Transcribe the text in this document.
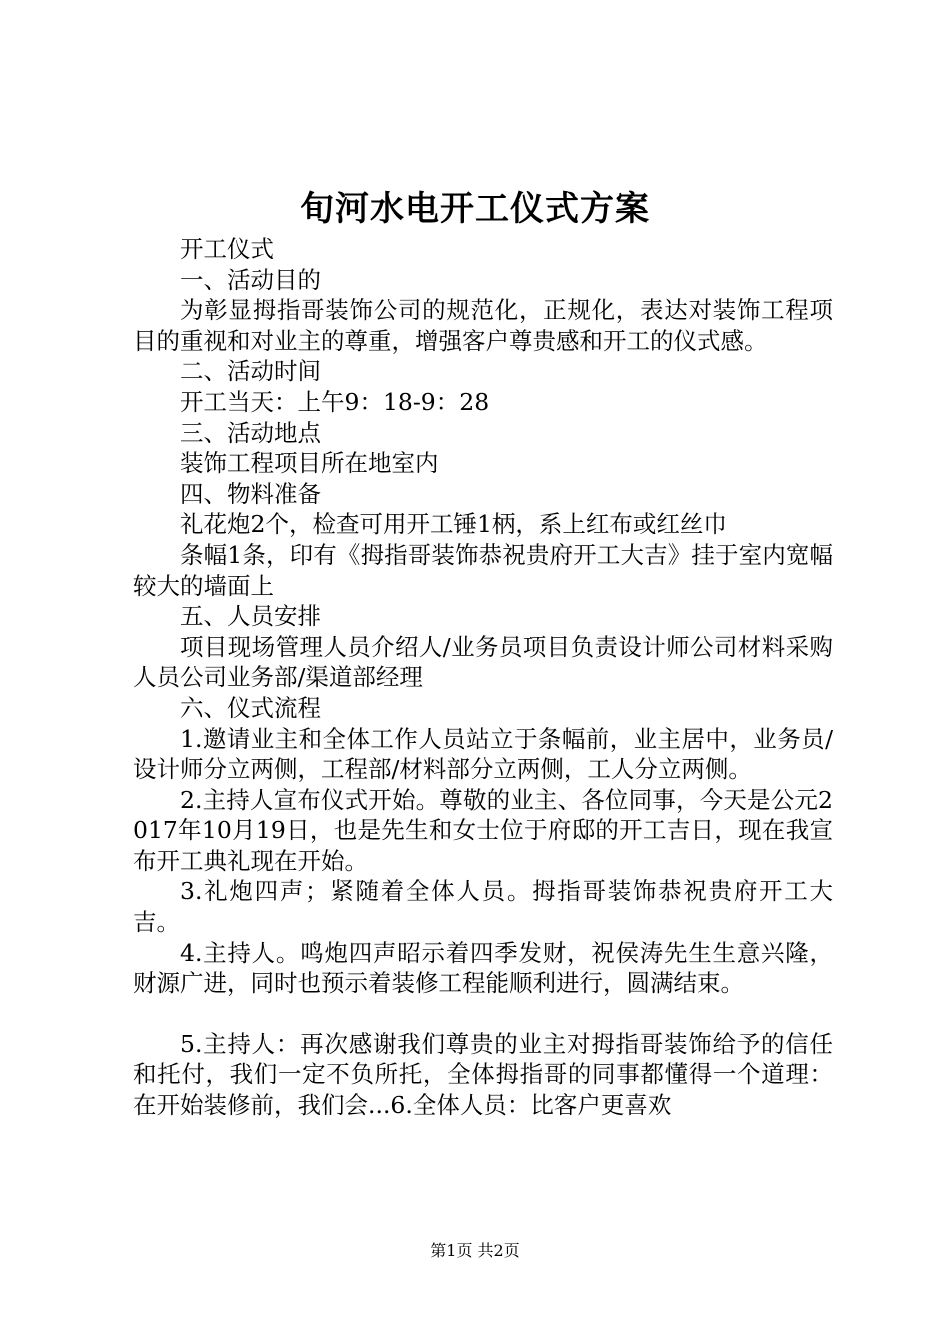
旬河水电开工仪式方案

开工仪式

一、活动目的

为彰显拇指哥装饰公司的规范化，正规化，表达对装饰工程项目的重视和对业主的尊重，增强客户尊贵感和开工的仪式感。

二、活动时间

开工当天：上午9：18-9：28

三、活动地点

装饰工程项目所在地室内

四、物料准备

礼花炮2个，检查可用开工锤1柄，系上红布或红丝巾

条幅1条，印有《拇指哥装饰恭祝贵府开工大吉》挂于室内宽幅较大的墙面上

五、人员安排

项目现场管理人员介绍人/业务员项目负责设计师公司材料采购人员公司业务部/渠道部经理

六、仪式流程

1.邀请业主和全体工作人员站立于条幅前，业主居中，业务员/设计师分立两侧，工程部/材料部分立两侧，工人分立两侧。

2.主持人宣布仪式开始。尊敬的业主、各位同事，今天是公元2017年10月19日，也是先生和女士位于府邸的开工吉日，现在我宣布开工典礼现在开始。

3.礼炮四声；紧随着全体人员。拇指哥装饰恭祝贵府开工大吉。

4.主持人。鸣炮四声昭示着四季发财，祝侯涛先生生意兴隆，财源广进，同时也预示着装修工程能顺利进行，圆满结束。

5.主持人：再次感谢我们尊贵的业主对拇指哥装饰给予的信任和托付，我们一定不负所托，全体拇指哥的同事都懂得一个道理：在开始装修前，我们会...6.全体人员：比客户更喜欢

第1页 共2页
